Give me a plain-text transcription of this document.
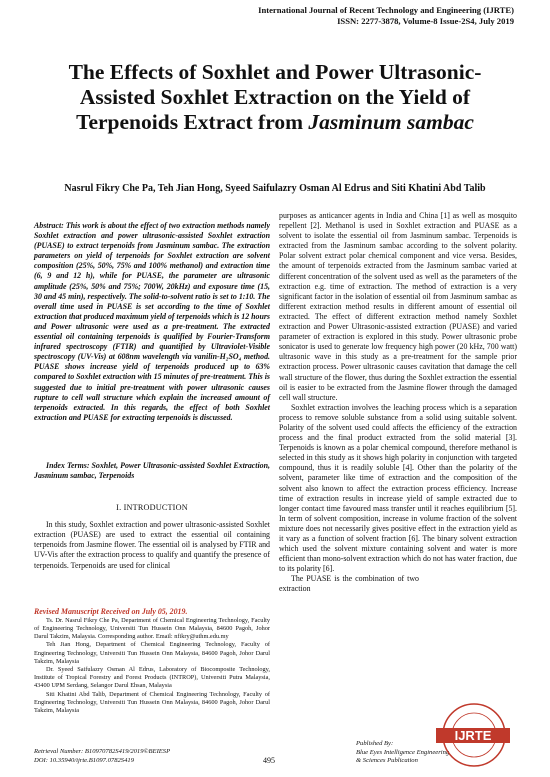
International Journal of Recent Technology and Engineering (IJRTE)
ISSN: 2277-3878, Volume-8 Issue-2S4, July 2019
The Effects of Soxhlet and Power Ultrasonic-Assisted Soxhlet Extraction on the Yield of Terpenoids Extract from Jasminum sambac
Nasrul Fikry Che Pa, Teh Jian Hong, Syeed Saifulazry Osman Al Edrus and Siti Khatini Abd Talib

Abstract: This work is about the effect of two extraction methods namely Soxhlet extraction and power ultrasonic-assisted Soxhlet extraction (PUASE) to extract terpenoids from Jasminum sambac. The extraction parameters on yield of terpenoids for Soxhlet extraction are solvent composition (25%, 50%, 75% and 100% methanol) and extraction time (6, 9 and 12 h), while for PUASE, the parameter are ultrasonic amplitude (25%, 50% and 75%; 700W, 20kHz) and exposure time (15, 30 and 45 min), respectively. The solid-to-solvent ratio is set to 1:10. The overall time used in PUASE is set according to the time of Soxhlet extraction that produced maximum yield of terpenoids which is 12 hours and Power ultrasonic were used as a pre-treatment. The extracted essential oil containing terpenoids is qualified by Fourier-Transform infrared spectroscopy (FTIR) and quantified by Ultraviolet-Visible spectroscopy (UV-Vis) at 608nm wavelength via vanilin-H₂SO₄ method. PUASE shows increase yield of terpenoids produced up to 63% compared to Soxhlet extraction with 15 minutes of pre-treatment. This is suggested due to initial pre-treatment with power ultrasonic causes rupture to cell wall structure which explain the increased amount of terpenoids extracted. In this regards, the effect of both Soxhlet extraction and PUASE for extracting terpenoids is discussed.

Index Terms: Soxhlet, Power Ultrasonic-assisted Soxhlet Extraction, Jasminum sambac, Terpenoids

I. INTRODUCTION

In this study, Soxhlet extraction and power ultrasonic-assisted Soxhlet extraction (PUASE) are used to extract the essential oil containing terpenoids from Jasmine flower. The essential oil is analysed by FTIR and UV-Vis after the extraction process to qualify and quantify the presence of terpenoids. Terpenoids are used for clinical

Revised Manuscript Received on July 05, 2019.

Ts. Dr. Nasrul Fikry Che Pa, Department of Chemical Engineering Technology, Faculty of Engineering Technology, Universiti Tun Hussein Onn Malaysia, 84600 Pagoh, Johor Darul Takzim, Malaysia. Corresponding author. Email: nfikry@uthm.edu.my

Teh Jian Hong, Department of Chemical Engineering Technology, Faculty of Engineering Technology, Universiti Tun Hussein Onn Malaysia, 84600 Pagoh, Johor Darul Takzim, Malaysia

Dr. Syeed Saifulazry Osman Al Edrus, Laboratory of Biocomposite Technology, Institute of Tropical Forestry and Forest Products (INTROP), Universiti Putra Malaysia, 43400 UPM Serdang, Selangor Darul Ehsan, Malaysia

Siti Khatini Abd Talib, Department of Chemical Engineering Technology, Faculty of Engineering Technology, Universiti Tun Hussein Onn Malaysia, 84600 Pagoh, Johor Darul Takzim, Malaysia

purposes as anticancer agents in India and China [1] as well as mosquito repellent [2]. Methanol is used in Soxhlet extraction and PUASE as a solvent to isolate the essential oil from Jasminum sambac. Terpenoids is extracted from the Jasminum sambac according to the solvent polarity. Polar solvent extract polar chemical component and vice versa. Besides, the amount of terpenoids extracted from the Jasminum sambac varied at different concentration of the solvent used as well as the parameters of the extraction e.g. time of extraction. The method of extraction is a very significant factor in the isolation of essential oil from Jasminum sambac as different extraction method results in different amount of essential oil extracted. The effect of different extraction method namely Soxhlet extraction and Power Ultrasonic-assisted extraction (PUASE) and varied parameter of extraction is explored in this study. Power ultrasonic probe sonicator is used to generate low frequency high power (20 kHz, 700 watt) ultrasonic wave in this study as a pre-treatment for the sample prior extraction process. Power ultrasonic causes cavitation that damage the cell wall structure of the flower, thus during the Soxhlet extraction the essential oil is easier to be extracted from the Jasmine flower through the damaged cell wall structure.

Soxhlet extraction involves the leaching process which is a separation process to remove soluble substance from a solid using suitable solvent. Polarity of the solvent used could affects the efficiency of the extraction process and the final product extracted from the solid material [3]. Terpenoids is known as a polar chemical compound, therefore methanol is selected in this study as it shows high polarity in conjunction with targeted compound, thus it is readily soluble [4]. Other than the polarity of the solvent, parameter like time of extraction and the composition of the solvent also known to affect the extraction process efficiency. Increase time of extraction results in increase yield of sample extracted due to longer contact time favoured mass transfer until it reaches equilibrium [5]. In term of solvent composition, increase in volume fraction of the solvent mixture does not necessarily gives positive effect in the extraction yield as it vary as a function of solvent fraction [6]. The binary solvent extraction which used the solvent mixture containing solvent and water is more efficient than mono-solvent extraction which do not has water fraction, due to its polarity [6].

The PUASE is the combination of two extraction

Retrieval Number: B10970782S419/2019©BEIESP
DOI: 10.35940/ijrte.B1097.0782S419	495
Published By:
Blue Eyes Intelligence Engineering
& Sciences Publication
IJRTE
